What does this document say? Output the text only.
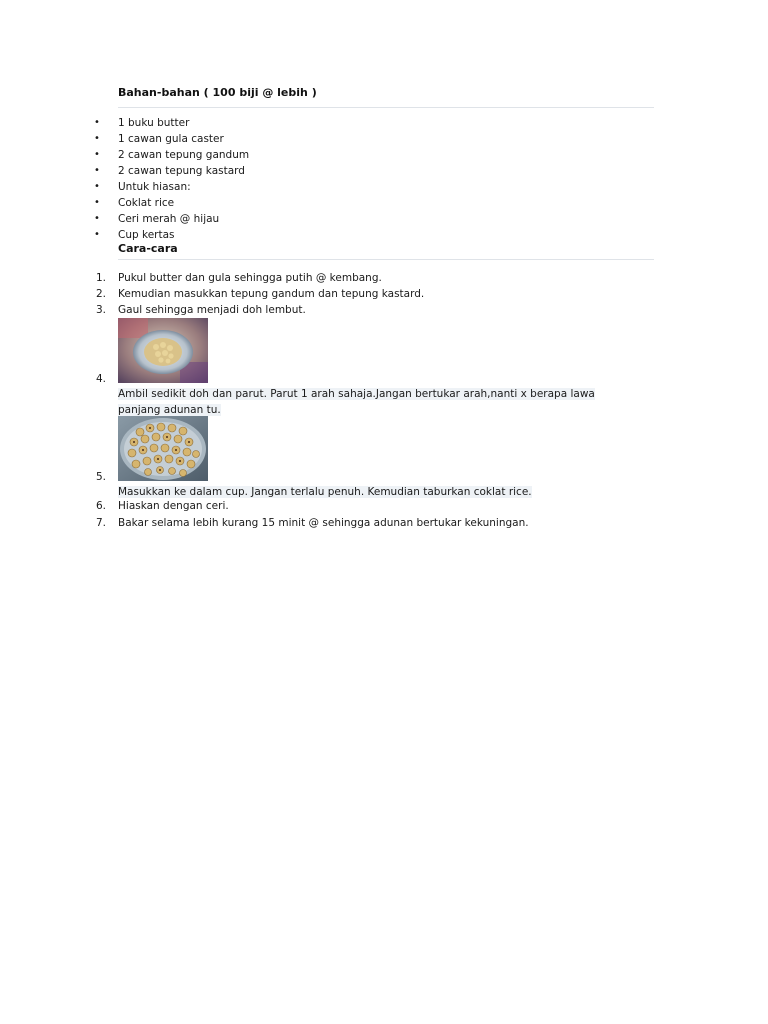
Bahan-bahan ( 100 biji @ lebih )

• 1 buku butter
• 1 cawan gula caster
• 2 cawan tepung gandum
• 2 cawan tepung kastard
• Untuk hiasan:
• Coklat rice
• Ceri merah @ hijau
• Cup kertas

Cara-cara

1. Pukul butter dan gula sehingga putih @ kembang.
2. Kemudian masukkan tepung gandum dan tepung kastard.
3. Gaul sehingga menjadi doh lembut.
4.
Ambil sedikit doh dan parut. Parut 1 arah sahaja.Jangan bertukar arah,nanti x berapa lawa panjang adunan tu.
5.
Masukkan ke dalam cup. Jangan terlalu penuh. Kemudian taburkan coklat rice.
6. Hiaskan dengan ceri.
7. Bakar selama lebih kurang 15 minit @ sehingga adunan bertukar kekuningan.
